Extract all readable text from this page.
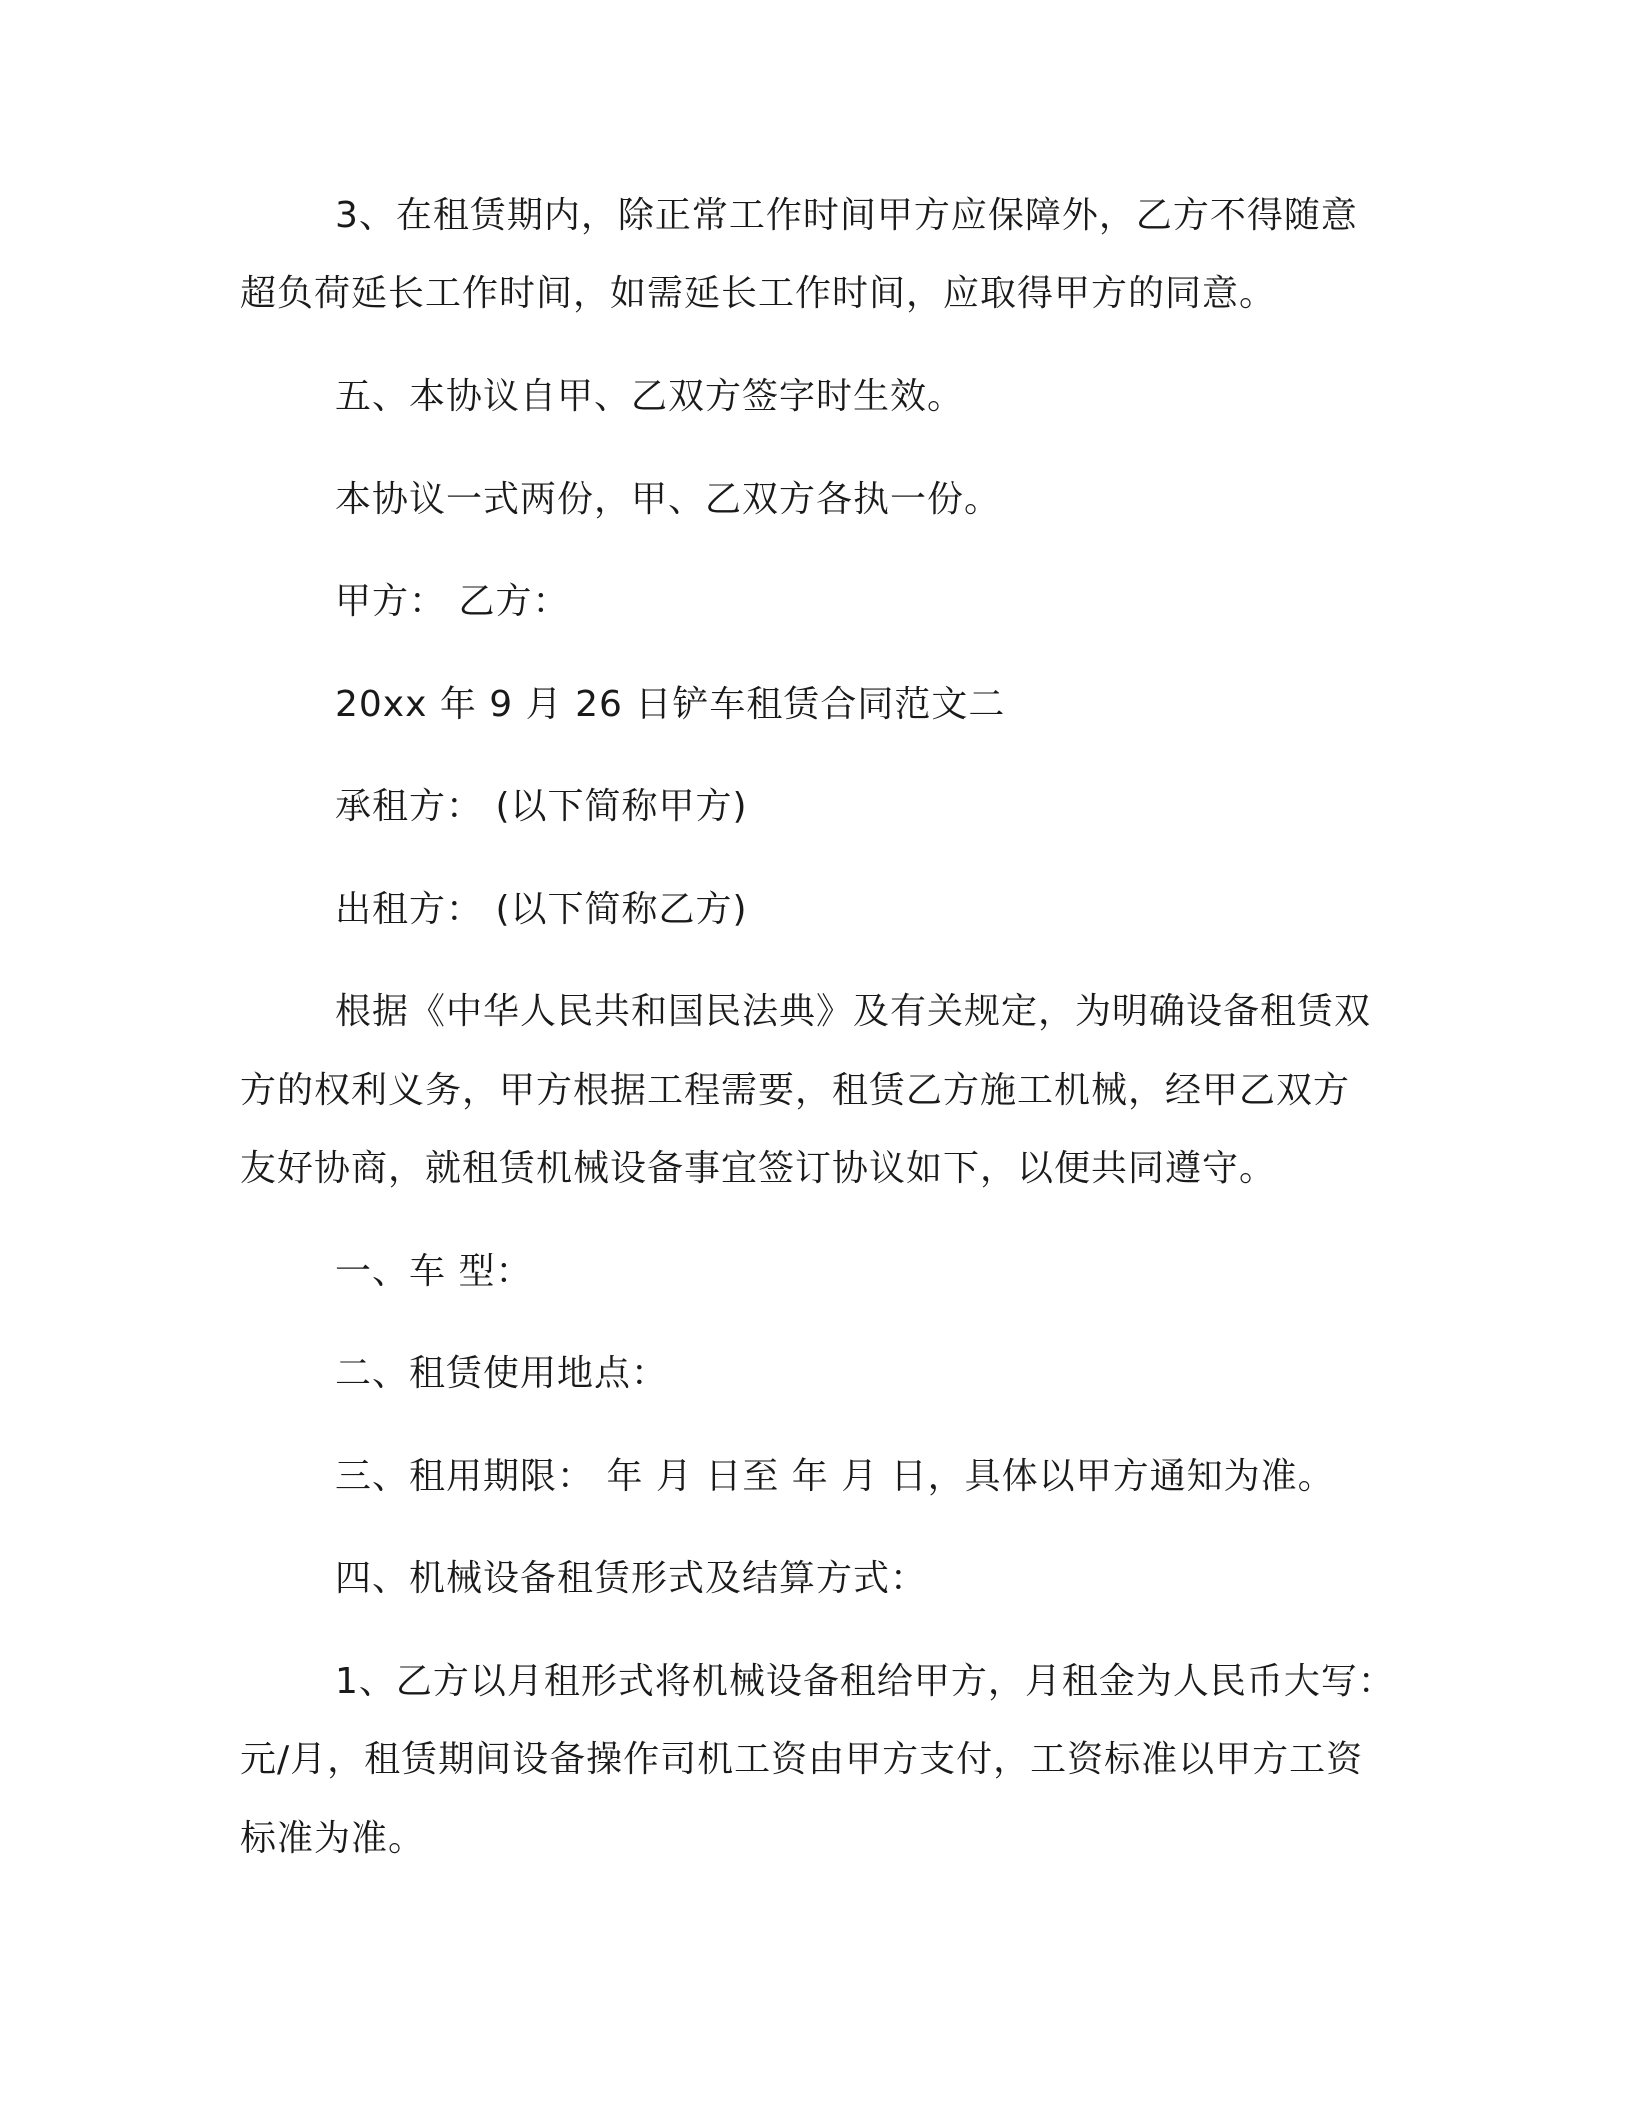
3、在租赁期内，除正常工作时间甲方应保障外，乙方不得随意
超负荷延长工作时间，如需延长工作时间，应取得甲方的同意。
五、本协议自甲、乙双方签字时生效。
本协议一式两份，甲、乙双方各执一份。
甲方： 乙方：
20xx 年 9 月 26 日铲车租赁合同范文二
承租方： (以下简称甲方)
出租方： (以下简称乙方)
根据《中华人民共和国民法典》及有关规定，为明确设备租赁双
方的权利义务，甲方根据工程需要，租赁乙方施工机械，经甲乙双方
友好协商，就租赁机械设备事宜签订协议如下，以便共同遵守。
一、车 型：
二、租赁使用地点：
三、租用期限： 年 月 日至 年 月 日，具体以甲方通知为准。
四、机械设备租赁形式及结算方式：
1、乙方以月租形式将机械设备租给甲方，月租金为人民币大写：
元/月，租赁期间设备操作司机工资由甲方支付，工资标准以甲方工资
标准为准。
